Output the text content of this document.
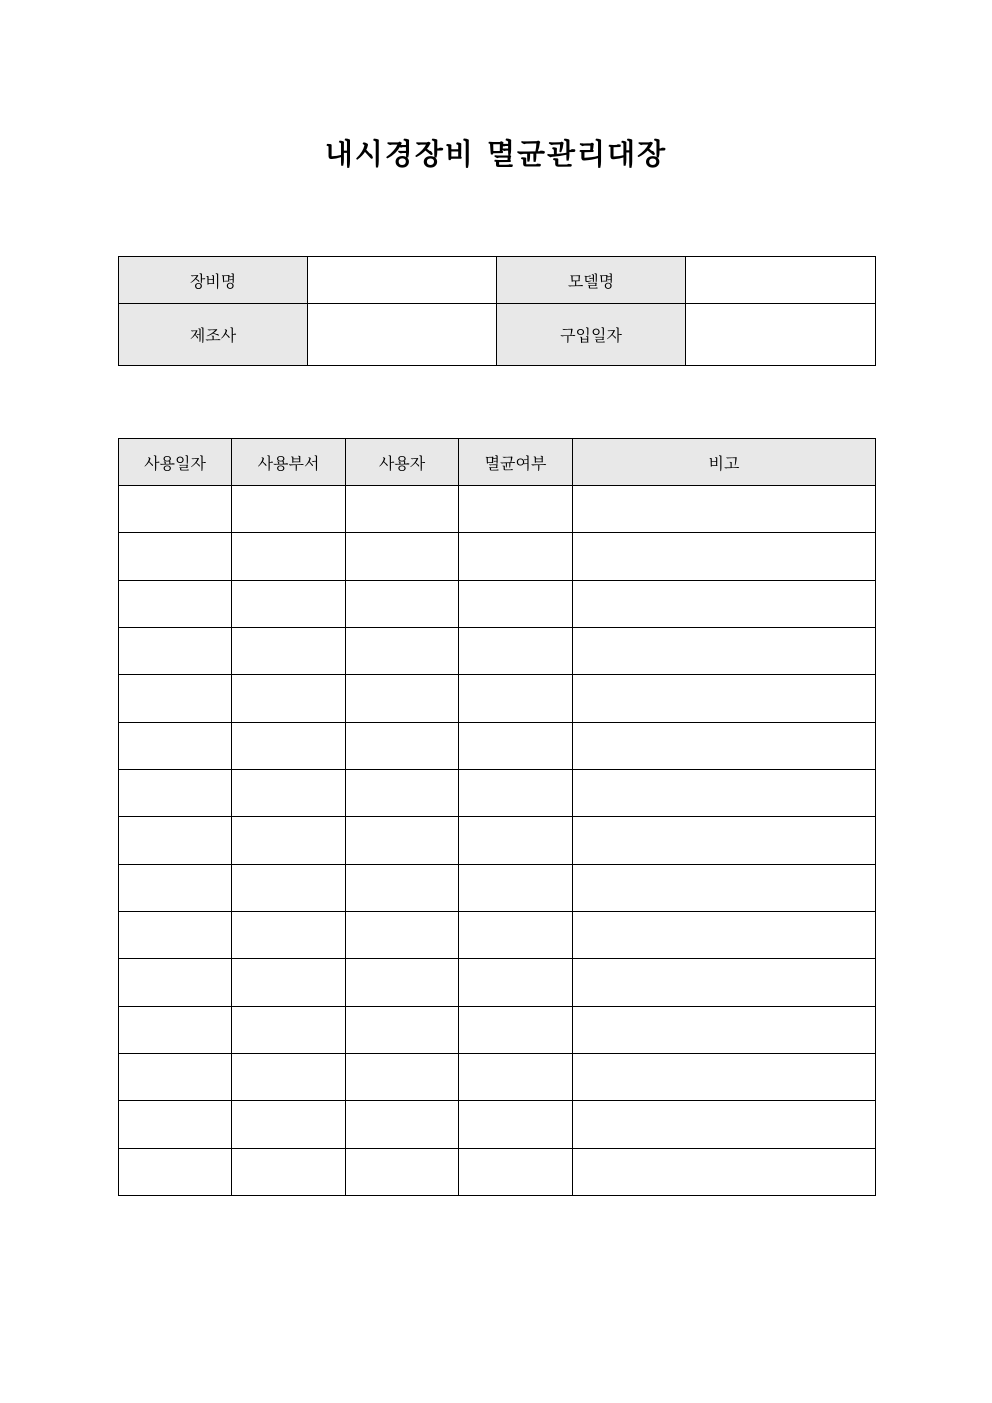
내시경장비 멸균관리대장
장비명		모델명	
제조사		구입일자	
사용일자	사용부서	사용자	멸균여부	비고
